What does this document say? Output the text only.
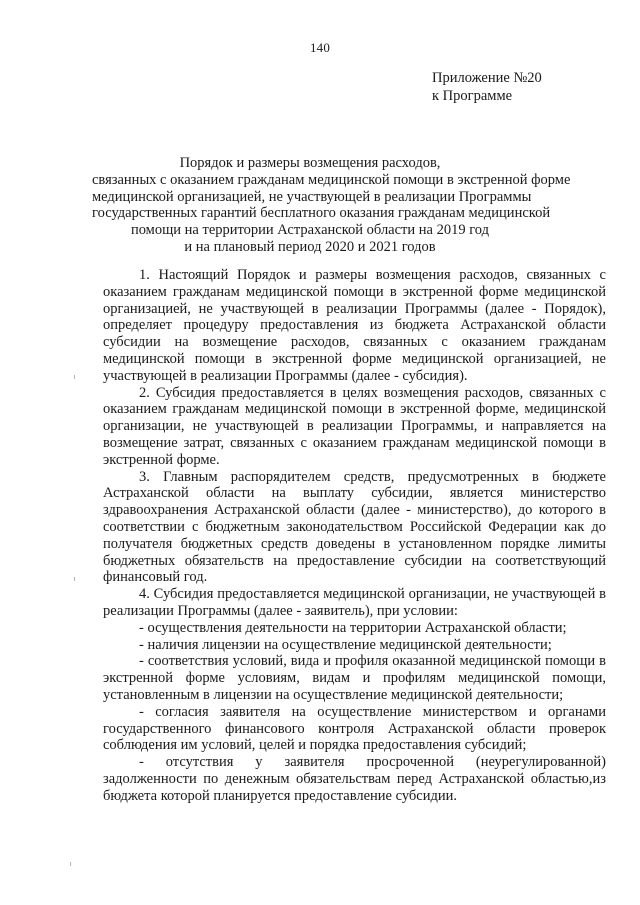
140
Приложение №20
к Программе
Порядок и размеры возмещения расходов,
связанных с оказанием гражданам медицинской помощи в экстренной форме
медицинской организацией, не участвующей в реализации Программы
государственных гарантий бесплатного оказания гражданам медицинской
помощи на территории Астраханской области на 2019 год
и на плановый период 2020 и 2021 годов

1. Настоящий Порядок и размеры возмещения расходов, связанных с оказанием гражданам медицинской помощи в экстренной форме медицинской организацией, не участвующей в реализации Программы (далее - Порядок), определяет процедуру предоставления из бюджета Астраханской области субсидии на возмещение расходов, связанных с оказанием гражданам медицинской помощи в экстренной форме медицинской организацией, не участвующей в реализации Программы (далее - субсидия).

2. Субсидия предоставляется в целях возмещения расходов, связанных с оказанием гражданам медицинской помощи в экстренной форме, медицинской организации, не участвующей в реализации Программы, и направляется на возмещение затрат, связанных с оказанием гражданам медицинской помощи в экстренной форме.

3. Главным распорядителем средств, предусмотренных в бюджете Астраханской области на выплату субсидии, является министерство здравоохранения Астраханской области (далее - министерство), до которого в соответствии с бюджетным законодательством Российской Федерации как до получателя бюджетных средств доведены в установленном порядке лимиты бюджетных обязательств на предоставление субсидии на соответствующий финансовый год.

4. Субсидия предоставляется медицинской организации, не участвующей в реализации Программы (далее - заявитель), при условии:

- осуществления деятельности на территории Астраханской области;

- наличия лицензии на осуществление медицинской деятельности;

- соответствия условий, вида и профиля оказанной медицинской помощи в экстренной форме условиям, видам и профилям медицинской помощи, установленным в лицензии на осуществление медицинской деятельности;

- согласия заявителя на осуществление министерством и органами государственного финансового контроля Астраханской области проверок соблюдения им условий, целей и порядка предоставления субсидий;

- отсутствия у заявителя просроченной (неурегулированной) задолженности по денежным обязательствам перед Астраханской областью,из бюджета которой планируется предоставление субсидии.
